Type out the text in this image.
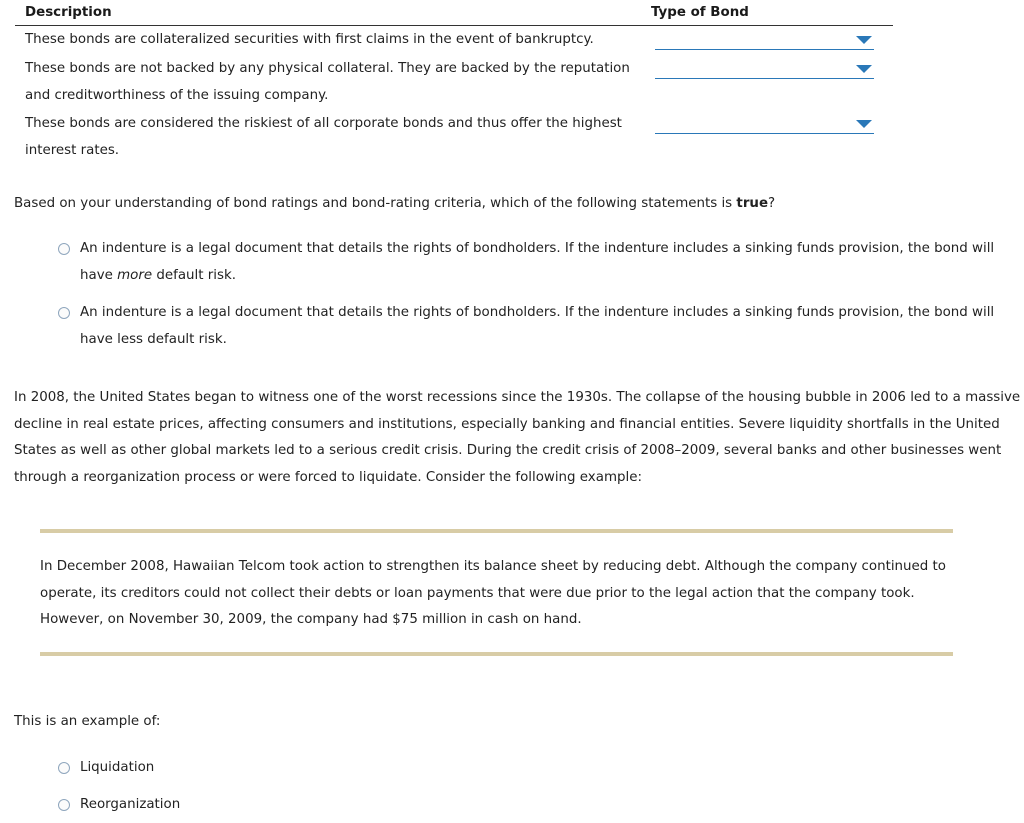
Description	Type of Bond
These bonds are collateralized securities with first claims in the event of bankruptcy.
These bonds are not backed by any physical collateral. They are backed by the reputation
and creditworthiness of the issuing company.
These bonds are considered the riskiest of all corporate bonds and thus offer the highest
interest rates.
Based on your understanding of bond ratings and bond-rating criteria, which of the following statements is true?
An indenture is a legal document that details the rights of bondholders. If the indenture includes a sinking funds provision, the bond will
have more default risk.
An indenture is a legal document that details the rights of bondholders. If the indenture includes a sinking funds provision, the bond will
have less default risk.
In 2008, the United States began to witness one of the worst recessions since the 1930s. The collapse of the housing bubble in 2006 led to a massive
decline in real estate prices, affecting consumers and institutions, especially banking and financial entities. Severe liquidity shortfalls in the United
States as well as other global markets led to a serious credit crisis. During the credit crisis of 2008–2009, several banks and other businesses went
through a reorganization process or were forced to liquidate. Consider the following example:
In December 2008, Hawaiian Telcom took action to strengthen its balance sheet by reducing debt. Although the company continued to
operate, its creditors could not collect their debts or loan payments that were due prior to the legal action that the company took.
However, on November 30, 2009, the company had $75 million in cash on hand.
This is an example of:
Liquidation
Reorganization
